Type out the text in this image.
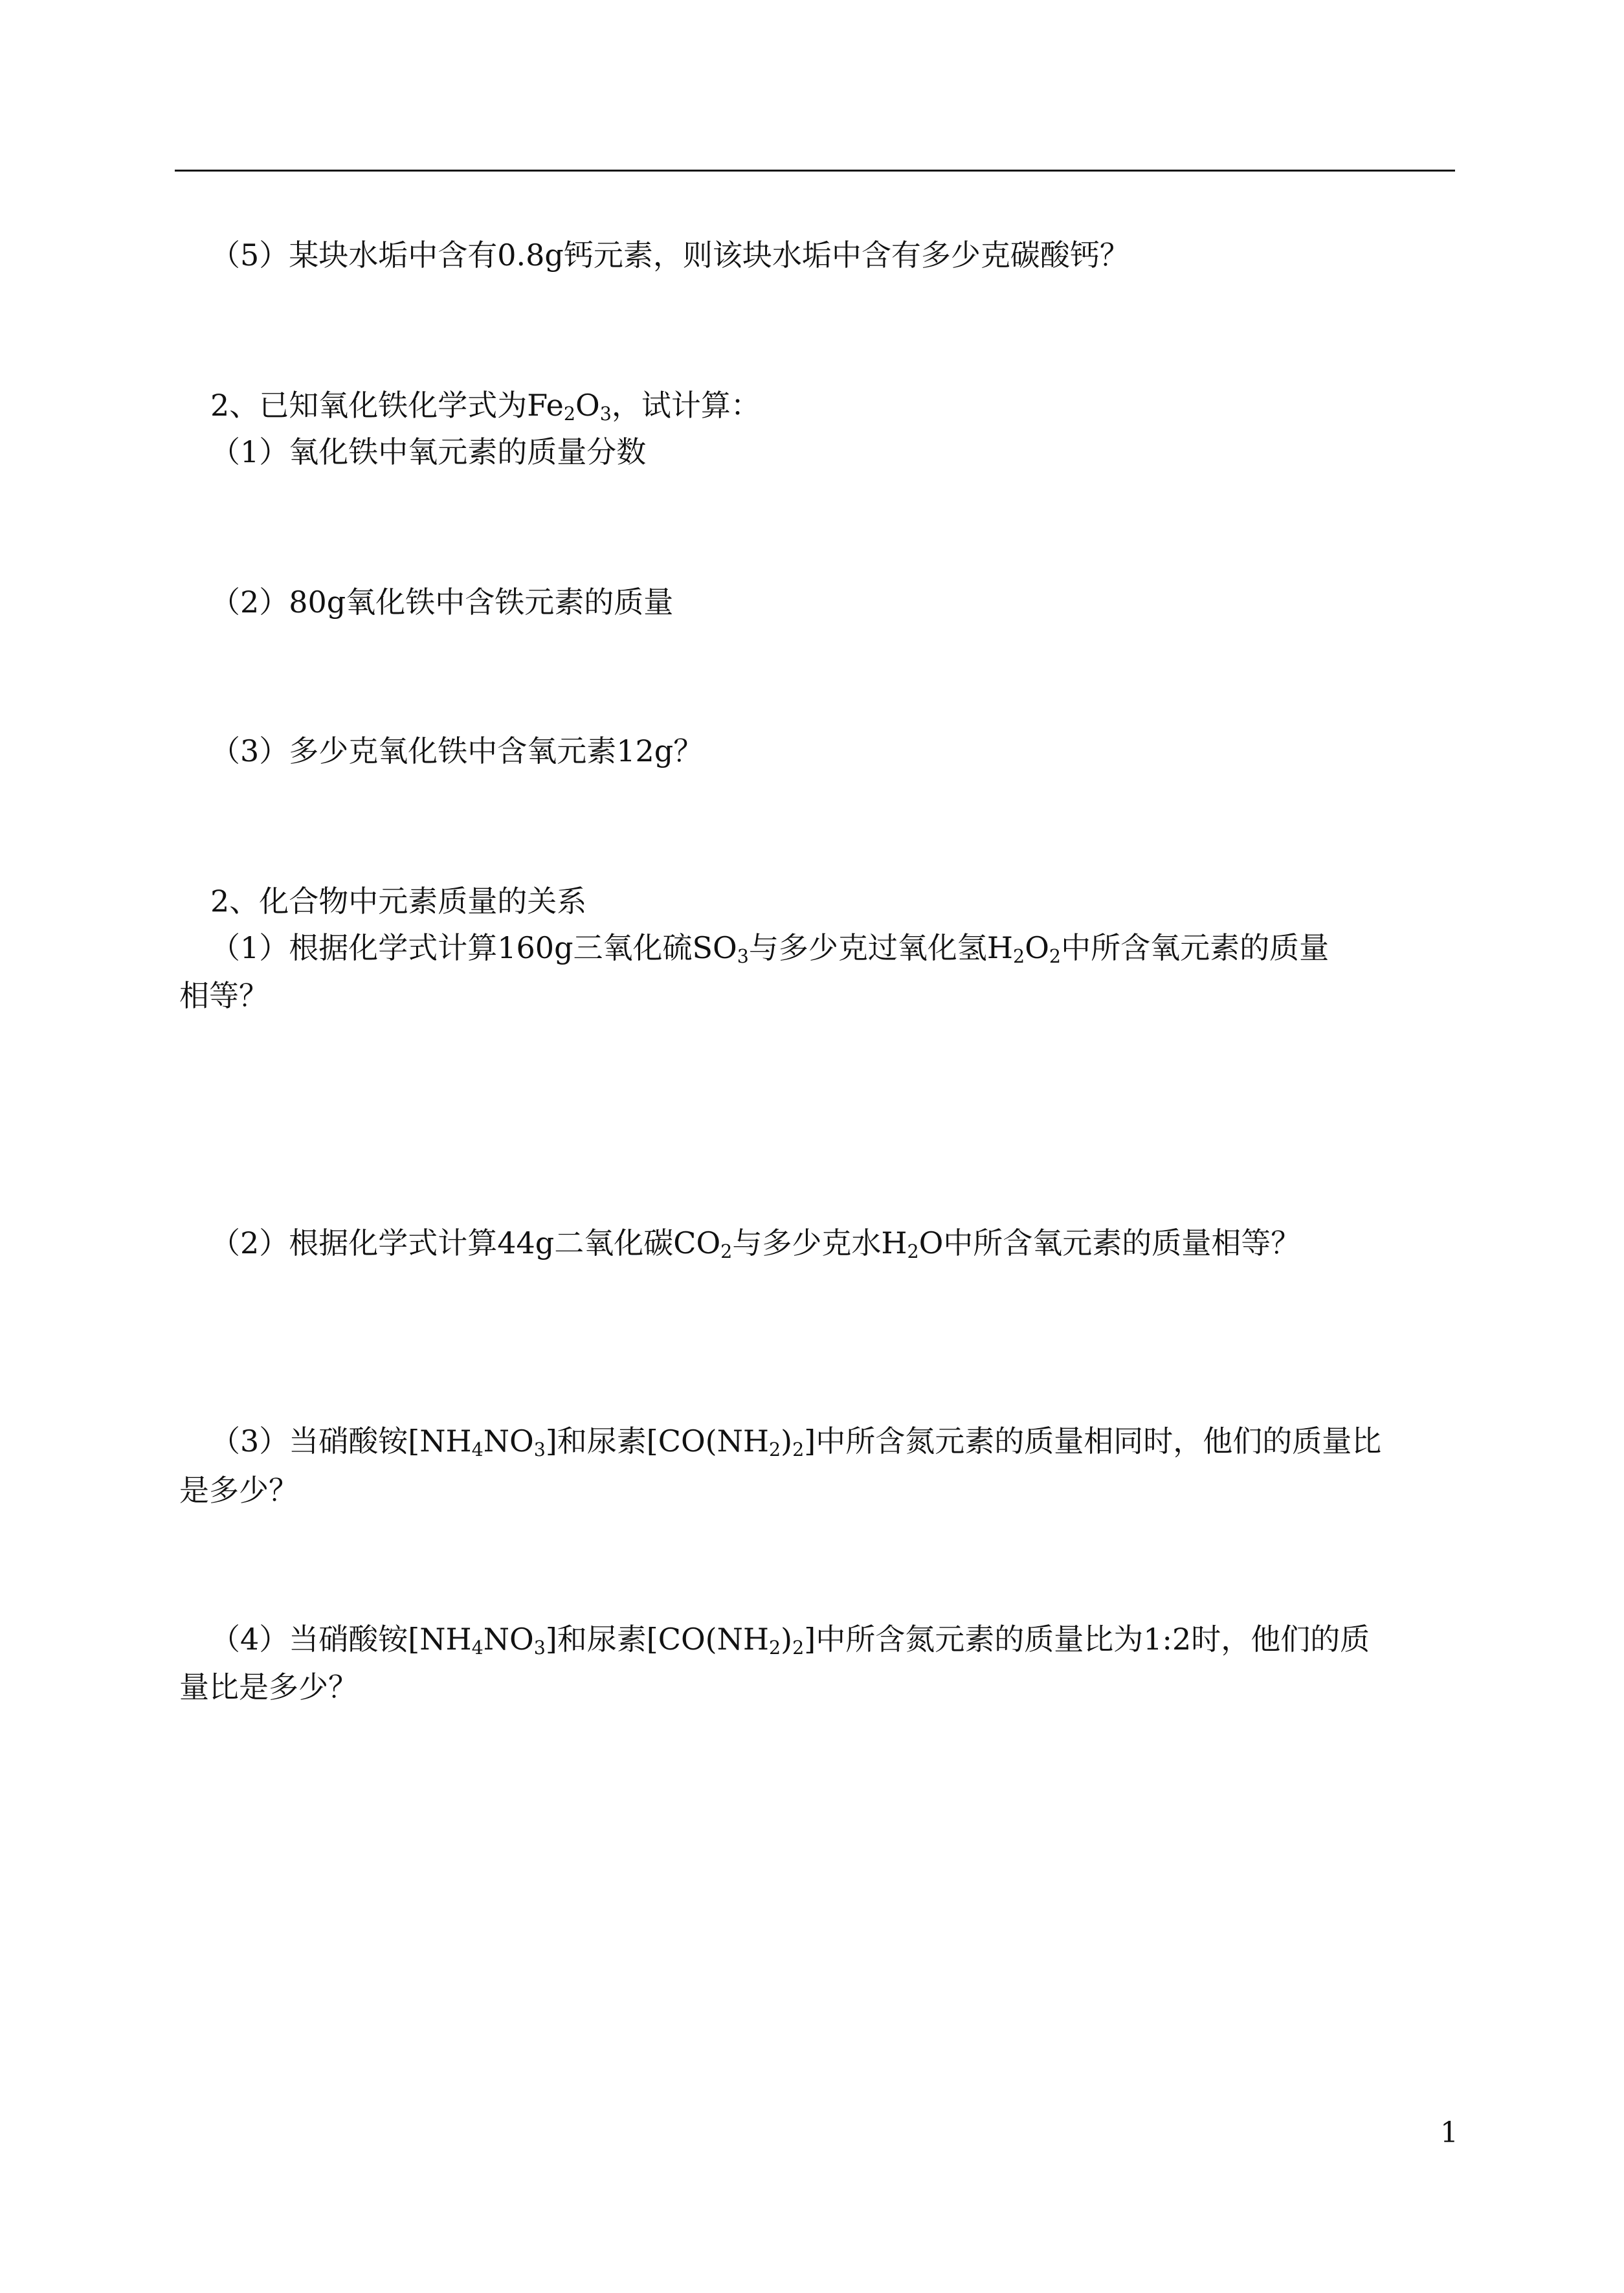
（5）某块水垢中含有0.8g钙元素，则该块水垢中含有多少克碳酸钙？

2、已知氧化铁化学式为$Fe_2O_3$，试计算：

（1）氧化铁中氧元素的质量分数

（2）80g氧化铁中含铁元素的质量

（3）多少克氧化铁中含氧元素12g？

2、化合物中元素质量的关系

（1）根据化学式计算160g三氧化硫$SO_3$与多少克过氧化氢$H_2O_2$中所含氧元素的质量

相等？

（2）根据化学式计算44g二氧化碳$CO_2$与多少克水$H_2O$中所含氧元素的质量相等？

（3）当硝酸铵$[NH_4NO_3]$和尿素$[CO(NH_2)_2]$中所含氮元素的质量相同时，他们的质量比

是多少？

（4）当硝酸铵$[NH_4NO_3]$和尿素$[CO(NH_2)_2]$中所含氮元素的质量比为1:2时，他们的质

量比是多少？

1
